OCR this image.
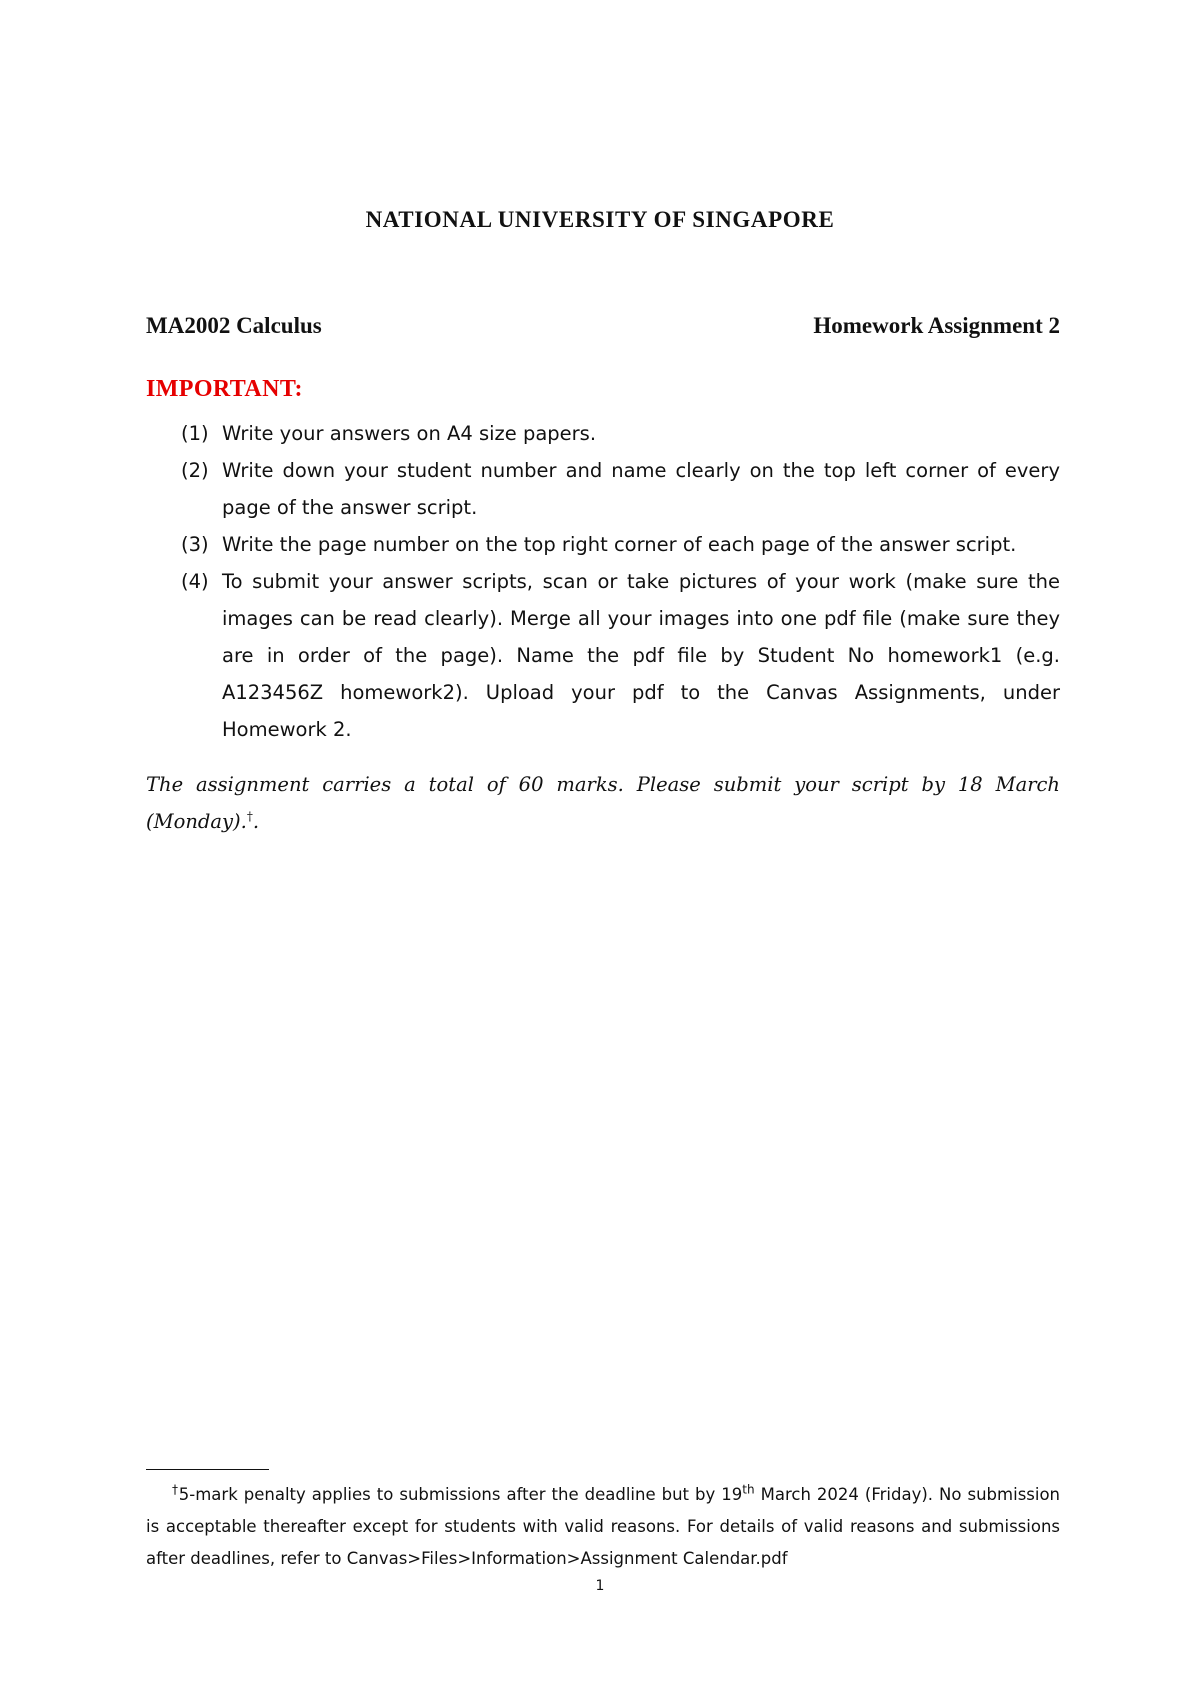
NATIONAL UNIVERSITY OF SINGAPORE
MA2002 Calculus	Homework Assignment 2
IMPORTANT:
(1) Write your answers on A4 size papers.
(2) Write down your student number and name clearly on the top left corner of every page of the answer script.
(3) Write the page number on the top right corner of each page of the answer script.
(4) To submit your answer scripts, scan or take pictures of your work (make sure the images can be read clearly). Merge all your images into one pdf file (make sure they are in order of the page). Name the pdf file by Student No homework1 (e.g. A123456Z homework2). Upload your pdf to the Canvas Assignments, under Homework 2.

The assignment carries a total of 60 marks. Please submit your script by 18 March (Monday).†.

†5-mark penalty applies to submissions after the deadline but by 19th March 2024 (Friday). No submission is acceptable thereafter except for students with valid reasons. For details of valid reasons and submissions after deadlines, refer to Canvas>Files>Information>Assignment Calendar.pdf

1
